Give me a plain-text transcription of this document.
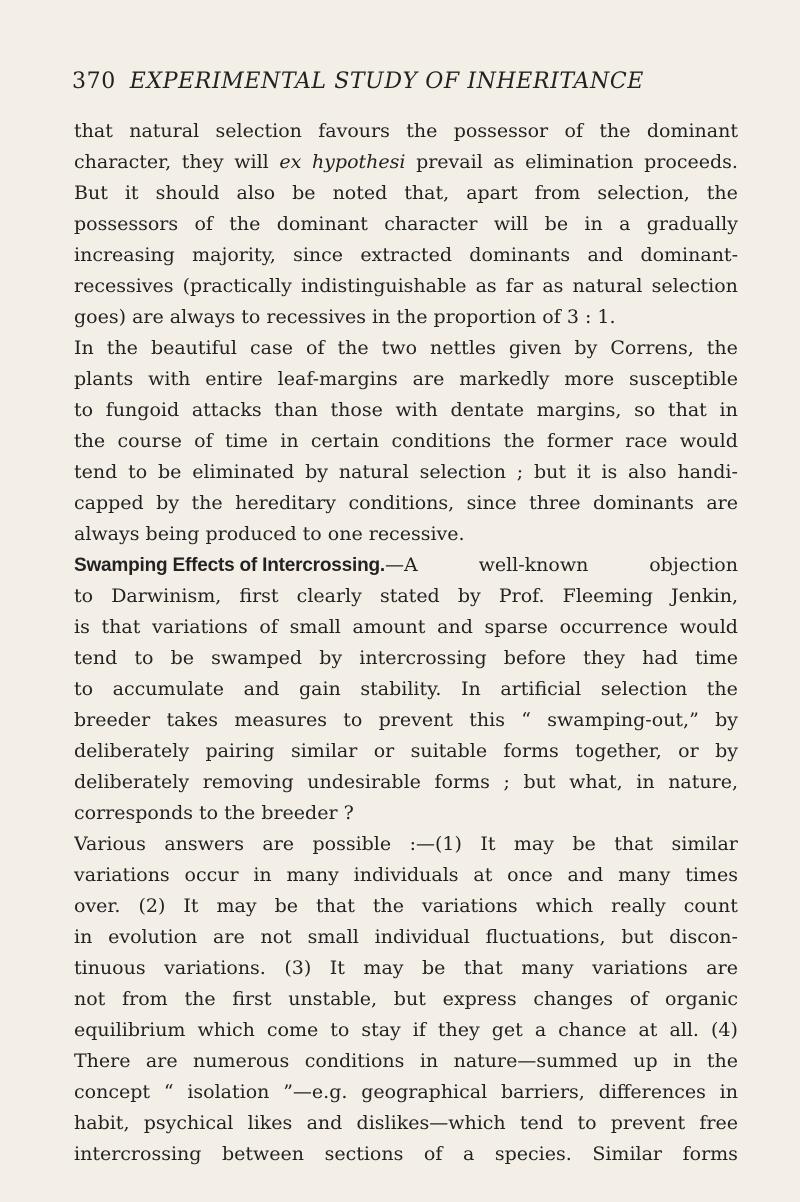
370 EXPERIMENTAL STUDY OF INHERITANCE
that natural selection favours the possessor of the dominant
character, they will ex hypothesi prevail as elimination proceeds.
But it should also be noted that, apart from selection, the
possessors of the dominant character will be in a gradually
increasing majority, since extracted dominants and dominant-
recessives (practically indistinguishable as far as natural selection
goes) are always to recessives in the proportion of 3 : 1.
In the beautiful case of the two nettles given by Correns, the
plants with entire leaf-margins are markedly more susceptible
to fungoid attacks than those with dentate margins, so that in
the course of time in certain conditions the former race would
tend to be eliminated by natural selection ; but it is also handi-
capped by the hereditary conditions, since three dominants are
always being produced to one recessive.
Swamping Effects of Intercrossing.—A	well-known	objection
to Darwinism, first clearly stated by Prof. Fleeming Jenkin,
is that variations of small amount and sparse occurrence would
tend to be swamped by intercrossing before they had time
to accumulate and gain stability. In artificial selection the
breeder takes measures to prevent this “ swamping-out,” by
deliberately pairing similar or suitable forms together, or by
deliberately removing undesirable forms ; but what, in nature,
corresponds to the breeder ?
Various answers are possible :—(1) It may be that similar
variations occur in many individuals at once and many times
over. (2) It may be that the variations which really count
in evolution are not small individual fluctuations, but discon-
tinuous variations. (3) It may be that many variations are
not from the first unstable, but express changes of organic
equilibrium which come to stay if they get a chance at all. (4)
There are numerous conditions in nature—summed up in the
concept “ isolation ”—e.g. geographical barriers, differences in
habit, psychical likes and dislikes—which tend to prevent free
intercrossing between sections of a species. Similar forms
